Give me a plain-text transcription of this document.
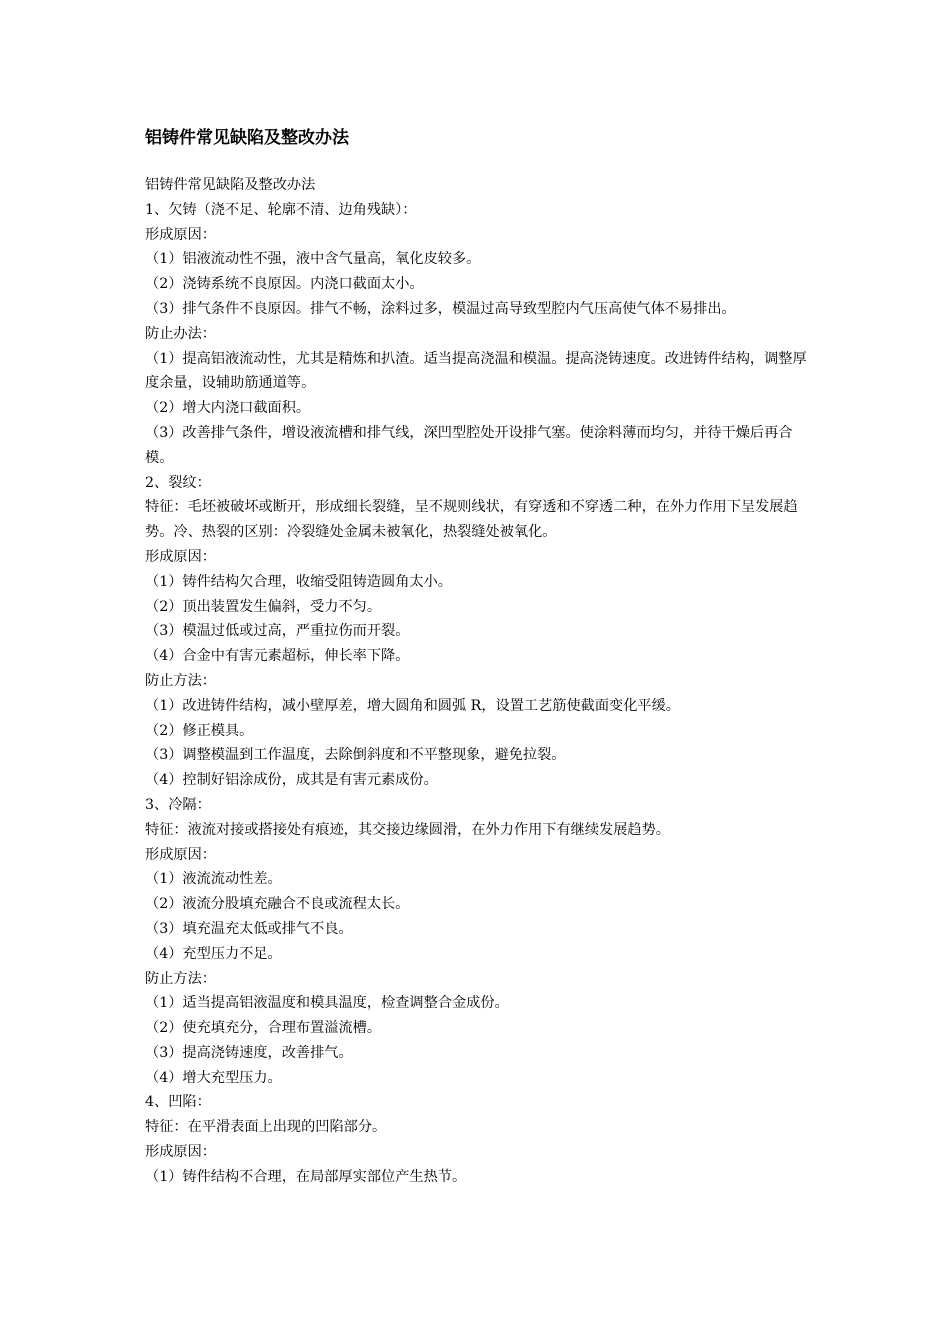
铝铸件常见缺陷及整改办法

铝铸件常见缺陷及整改办法

1、欠铸（浇不足、轮廓不清、边角残缺）：

形成原因：

（1）铝液流动性不强，液中含气量高，氧化皮较多。

（2）浇铸系统不良原因。内浇口截面太小。

（3）排气条件不良原因。排气不畅，涂料过多，模温过高导致型腔内气压高使气体不易排出。

防止办法：

（1）提高铝液流动性，尤其是精炼和扒渣。适当提高浇温和模温。提高浇铸速度。改进铸件结构，调整厚度余量，设辅助筋通道等。

（2）增大内浇口截面积。

（3）改善排气条件，增设液流槽和排气线，深凹型腔处开设排气塞。使涂料薄而均匀，并待干燥后再合模。

2、裂纹：

特征：毛坯被破坏或断开，形成细长裂缝，呈不规则线状，有穿透和不穿透二种，在外力作用下呈发展趋势。冷、热裂的区别：冷裂缝处金属未被氧化，热裂缝处被氧化。

形成原因：

（1）铸件结构欠合理，收缩受阻铸造圆角太小。

（2）顶出装置发生偏斜，受力不匀。

（3）模温过低或过高，严重拉伤而开裂。

（4）合金中有害元素超标，伸长率下降。

防止方法：

（1）改进铸件结构，减小壁厚差，增大圆角和圆弧 R，设置工艺筋使截面变化平缓。

（2）修正模具。

（3）调整模温到工作温度，去除倒斜度和不平整现象，避免拉裂。

（4）控制好铝涂成份，成其是有害元素成份。

3、冷隔：

特征：液流对接或搭接处有痕迹，其交接边缘圆滑，在外力作用下有继续发展趋势。

形成原因：

（1）液流流动性差。

（2）液流分股填充融合不良或流程太长。

（3）填充温充太低或排气不良。

（4）充型压力不足。

防止方法：

（1）适当提高铝液温度和模具温度，检查调整合金成份。

（2）使充填充分，合理布置溢流槽。

（3）提高浇铸速度，改善排气。

（4）增大充型压力。

4、凹陷：

特征：在平滑表面上出现的凹陷部分。

形成原因：

（1）铸件结构不合理，在局部厚实部位产生热节。
